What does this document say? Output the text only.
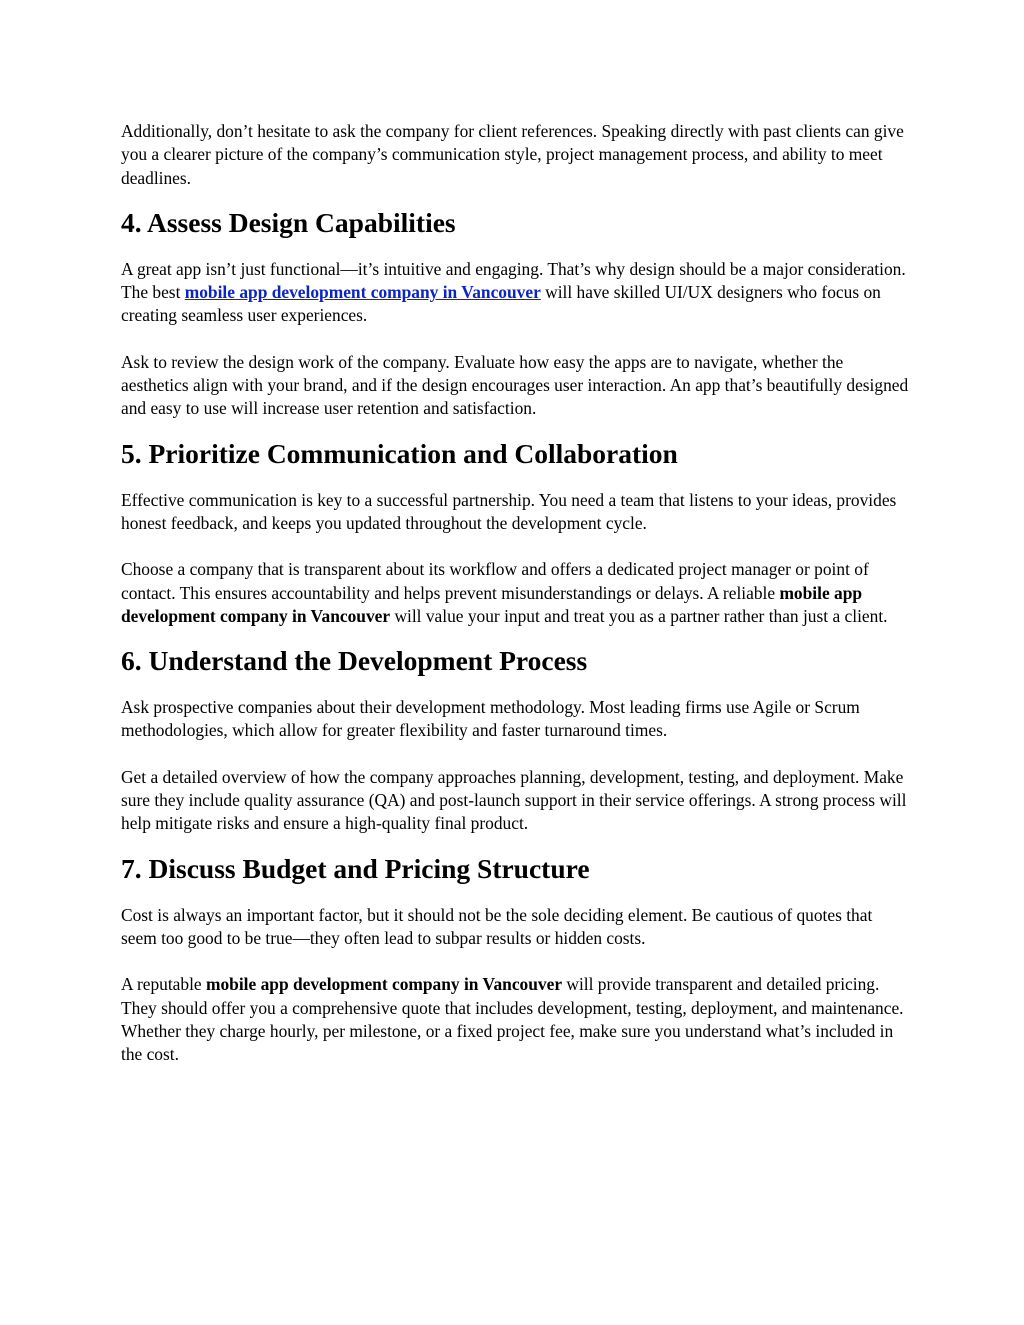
Additionally, don’t hesitate to ask the company for client references. Speaking directly with past clients can give you a clearer picture of the company’s communication style, project management process, and ability to meet deadlines.

4. Assess Design Capabilities

A great app isn’t just functional—it’s intuitive and engaging. That’s why design should be a major consideration. The best mobile app development company in Vancouver will have skilled UI/UX designers who focus on creating seamless user experiences.

Ask to review the design work of the company. Evaluate how easy the apps are to navigate, whether the aesthetics align with your brand, and if the design encourages user interaction. An app that’s beautifully designed and easy to use will increase user retention and satisfaction.

5. Prioritize Communication and Collaboration

Effective communication is key to a successful partnership. You need a team that listens to your ideas, provides honest feedback, and keeps you updated throughout the development cycle.

Choose a company that is transparent about its workflow and offers a dedicated project manager or point of contact. This ensures accountability and helps prevent misunderstandings or delays. A reliable mobile app development company in Vancouver will value your input and treat you as a partner rather than just a client.

6. Understand the Development Process

Ask prospective companies about their development methodology. Most leading firms use Agile or Scrum methodologies, which allow for greater flexibility and faster turnaround times.

Get a detailed overview of how the company approaches planning, development, testing, and deployment. Make sure they include quality assurance (QA) and post-launch support in their service offerings. A strong process will help mitigate risks and ensure a high-quality final product.

7. Discuss Budget and Pricing Structure

Cost is always an important factor, but it should not be the sole deciding element. Be cautious of quotes that seem too good to be true—they often lead to subpar results or hidden costs.

A reputable mobile app development company in Vancouver will provide transparent and detailed pricing. They should offer you a comprehensive quote that includes development, testing, deployment, and maintenance. Whether they charge hourly, per milestone, or a fixed project fee, make sure you understand what’s included in the cost.
